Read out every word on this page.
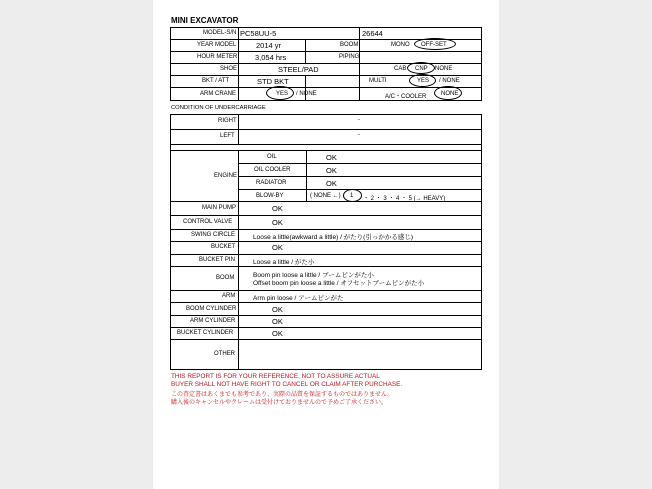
MINI EXCAVATOR
MODEL-S/N PC58UU-5	26644
YEAR MODEL	2014 yr	BOOM	MONO OFF-SET
HOUR METER 3,054 hrs	PIPING
SHOE	STEEL/PAD	CAB CNP NONE
BKT / ATT	STD BKT	MULTI	YES / NONE
ARM CRANE	YES / NONE	A/C・COOLER NONE
CONDITION OF UNDERCARRIAGE
RIGHT	-
LEFT	-
ENGINE
OIL	OK
OIL COOLER	OK
RADIATOR	OK
BLOW-BY	( NONE ←) 1 ・ 2 ・ 3 ・ 4 ・ 5 (→ HEAVY)
MAIN PUMP	OK
CONTROL VALVE	OK
SWING CIRCLE	Loose a little(awkward a little) / がたり(引っかかる感じ)
BUCKET	OK
BUCKET PIN	Loose a little / がた小
BOOM	Boom pin loose a little / ブームピンがた小
Offset boom pin loose a little / オフセットブームピンがた小
ARM	Arm pin loose / アームピンがた
BOOM CYLINDER	OK
ARM CYLINDER	OK
BUCKET CYLINDER	OK
OTHER
THIS REPORT IS FOR YOUR REFERENCE, NOT TO ASSURE ACTUAL
BUYER SHALL NOT HAVE RIGHT TO CANCEL OR CLAIM AFTER PURCHASE.
この査定書はあくまでも参考であり、実際の品質を保証するものではありません。
購入後のキャンセルやクレームは受付けておりませんので予めご了承ください。
